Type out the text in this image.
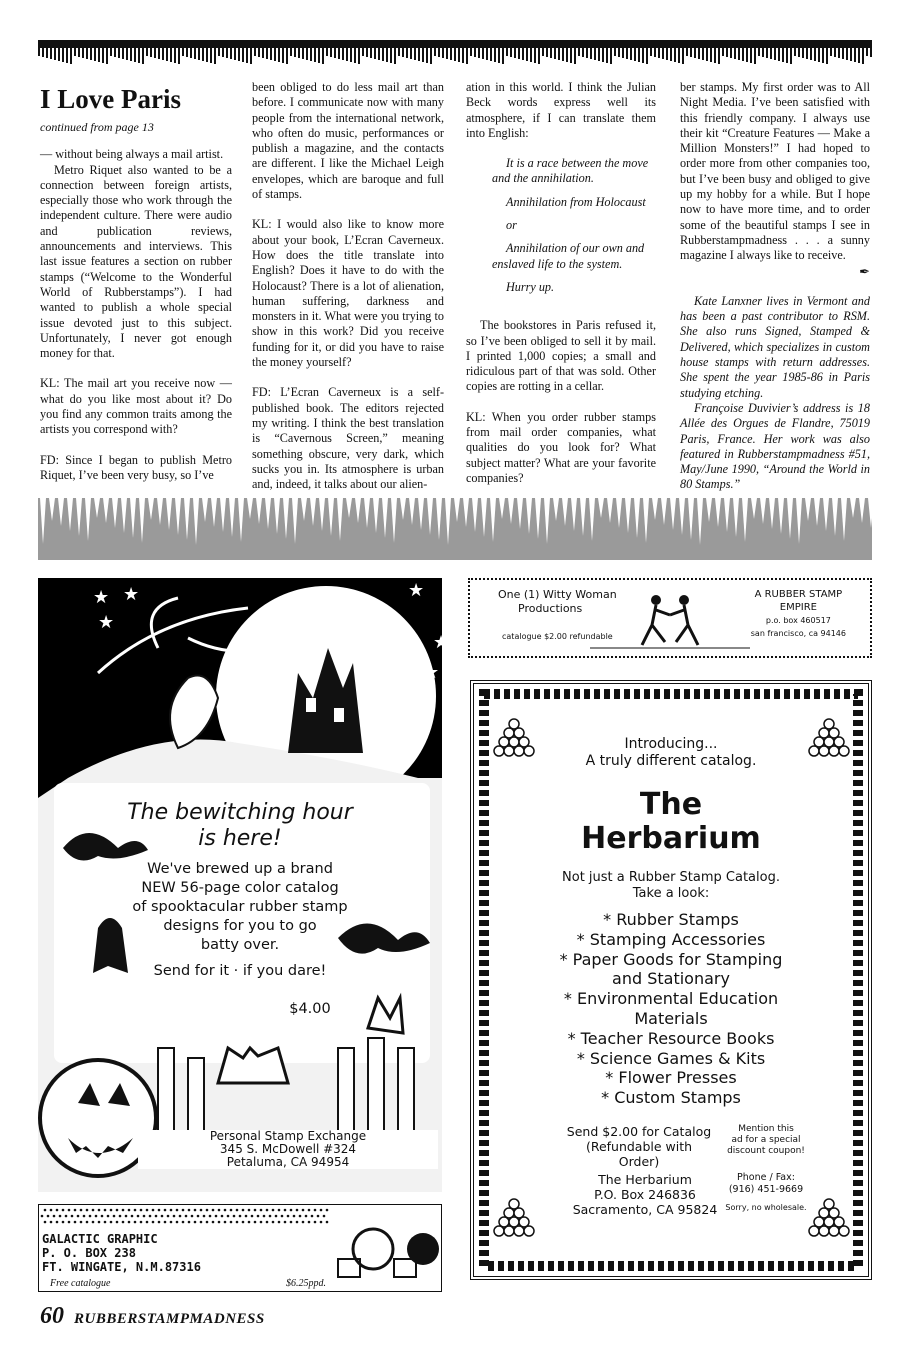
I Love Paris
continued from page 13

— without being always a mail artist.

Metro Riquet also wanted to be a connection between foreign artists, especially those who work through the independent culture. There were audio and publication reviews, announcements and interviews. This last issue features a section on rubber stamps (“Welcome to the Wonderful World of Rubberstamps”). I had wanted to publish a whole special issue devoted just to this subject. Unfortunately, I never got enough money for that.

KL: The mail art you receive now — what do you like most about it? Do you find any common traits among the artists you correspond with?

FD: Since I began to publish Metro Riquet, I’ve been very busy, so I’ve

been obliged to do less mail art than before. I communicate now with many people from the international network, who often do music, performances or publish a magazine, and the contacts are different. I like the Michael Leigh envelopes, which are baroque and full of stamps.

KL: I would also like to know more about your book, L’Ecran Caverneux. How does the title translate into English? Does it have to do with the Holocaust? There is a lot of alienation, human suffering, darkness and monsters in it. What were you trying to show in this work? Did you receive funding for it, or did you have to raise the money yourself?

FD: L’Ecran Caverneux is a self-published book. The editors rejected my writing. I think the best translation is “Cavernous Screen,” meaning something obscure, very dark, which sucks you in. Its atmosphere is urban and, indeed, it talks about our alien-

ation in this world. I think the Julian Beck words express well its atmosphere, if I can translate them into English:

It is a race between the move and the annihilation.

Annihilation from Holocaust

or

Annihilation of our own and enslaved life to the system.

Hurry up.

The bookstores in Paris refused it, so I’ve been obliged to sell it by mail. I printed 1,000 copies; a small and ridiculous part of that was sold. Other copies are rotting in a cellar.

KL: When you order rubber stamps from mail order companies, what qualities do you look for? What subject matter? What are your favorite companies?

ber stamps. My first order was to All Night Media. I’ve been satisfied with this friendly company. I always use their kit “Creature Features — Make a Million Monsters!” I had hoped to order more from other companies too, but I’ve been busy and obliged to give up my hobby for a while. But I hope now to have more time, and to order some of the beautiful stamps I see in Rubberstampmadness . . . a sunny magazine I always like to receive.

✒

Kate Lanxner lives in Vermont and has been a past contributor to RSM. She also runs Signed, Stamped & Delivered, which specializes in custom house stamps with return addresses. She spent the year 1985-86 in Paris studying etching.

Françoise Duvivier’s address is 18 Allée des Orgues de Flandre, 75019 Paris, France. Her work was also featured in Rubberstampmadness #51, May/June 1990, “Around the World in 80 Stamps.”

★ ★
★
★
★
★
★
★
The bewitching hour
is here!
We've brewed up a brand
NEW 56-page color catalog
of spooktacular rubber stamp
designs for you to go
batty over.
Send for it · if you dare!
$4.00
Personal Stamp Exchange
345 S. McDowell #324
Petaluma, CA 94954
GALACTIC GRAPHIC
P. O. BOX 238
FT. WINGATE, N.M.87316
Free catalogue	$6.25ppd.
One (1) Witty Woman
Productions
catalogue $2.00 refundable
A RUBBER STAMP
EMPIRE
p.o. box 460517
san francisco, ca 94146
Introducing...
A truly different catalog.
The
Herbarium
Not just a Rubber Stamp Catalog.
Take a look:
* Rubber Stamps
* Stamping Accessories
* Paper Goods for Stamping
and Stationary
* Environmental Education
Materials
* Teacher Resource Books
* Science Games & Kits
* Flower Presses
* Custom Stamps
Send $2.00 for Catalog
(Refundable with Order)
Mention this
ad for a special
discount coupon!
The Herbarium
P.O. Box 246836
Sacramento, CA 95824
Phone / Fax:
(916) 451-9669
Sorry, no wholesale.
60 RUBBERSTAMPMADNESS
